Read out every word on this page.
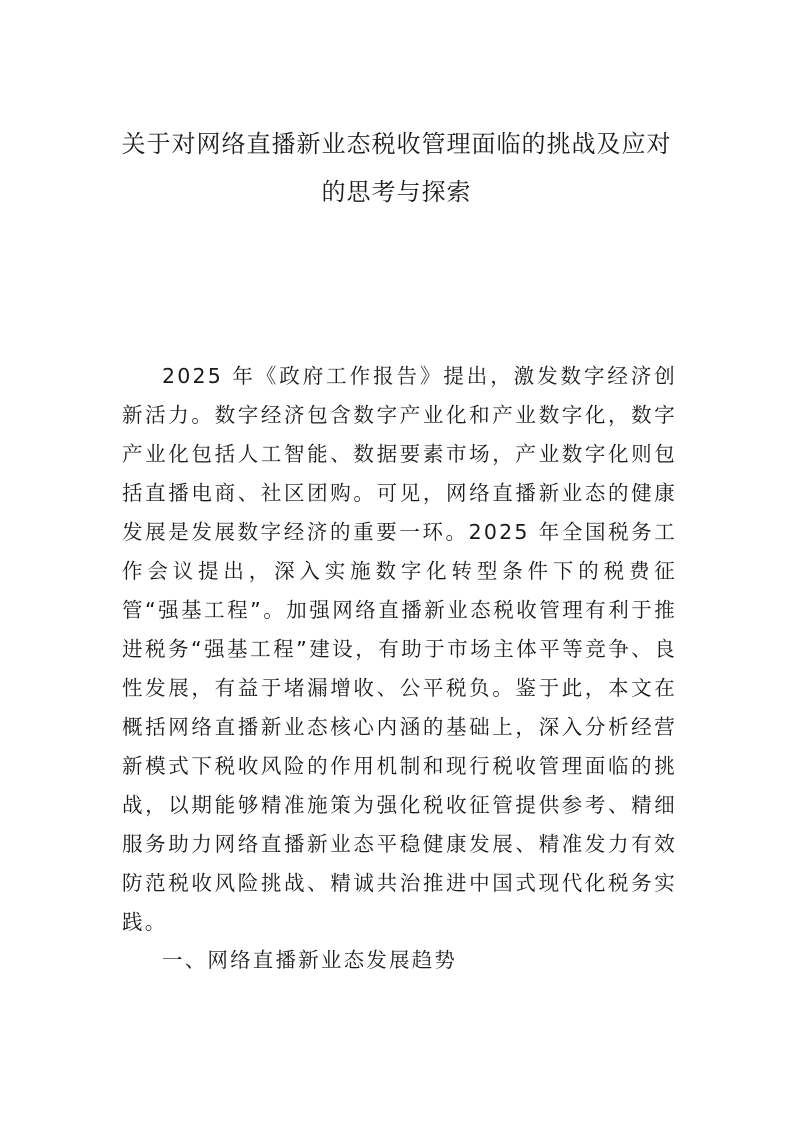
关于对网络直播新业态税收管理面临的挑战及应对
的思考与探索

2025 年《政府工作报告》提出，激发数字经济创新活力。数字经济包含数字产业化和产业数字化，数字产业化包括人工智能、数据要素市场，产业数字化则包括直播电商、社区团购。可见，网络直播新业态的健康发展是发展数字经济的重要一环。2025 年全国税务工作会议提出，深入实施数字化转型条件下的税费征管“强基工程”。加强网络直播新业态税收管理有利于推进税务“强基工程”建设，有助于市场主体平等竞争、良性发展，有益于堵漏增收、公平税负。鉴于此，本文在概括网络直播新业态核心内涵的基础上，深入分析经营新模式下税收风险的作用机制和现行税收管理面临的挑战，以期能够精准施策为强化税收征管提供参考、精细服务助力网络直播新业态平稳健康发展、精准发力有效防范税收风险挑战、精诚共治推进中国式现代化税务实践。

一、网络直播新业态发展趋势
